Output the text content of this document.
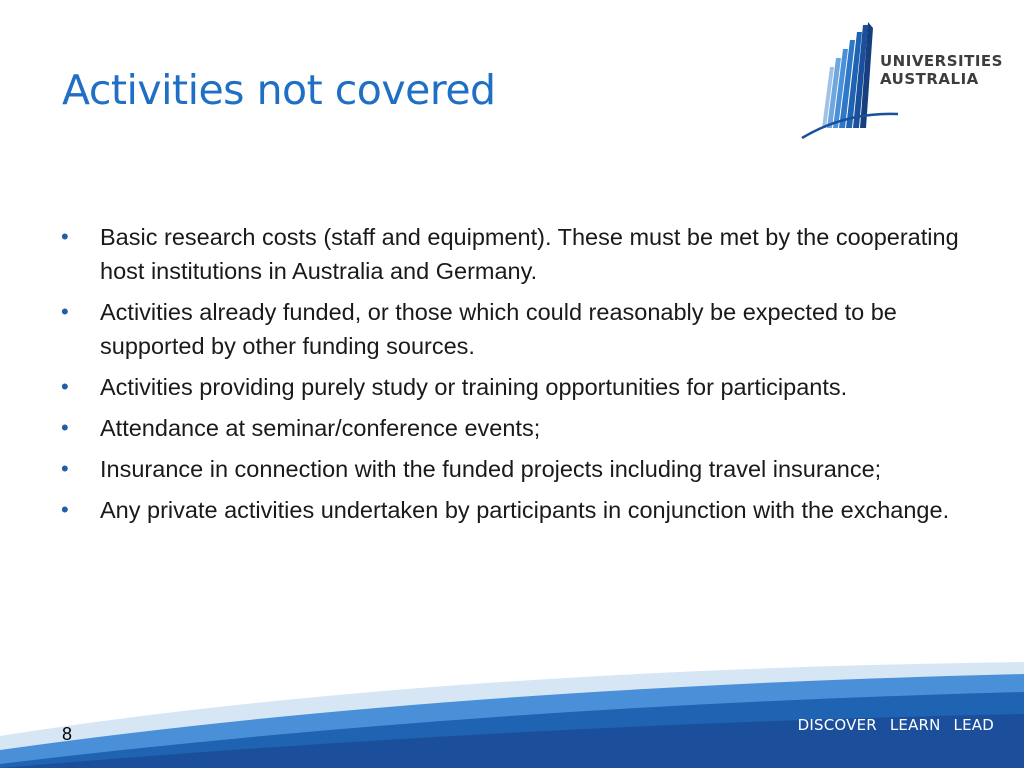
Activities not covered
UNIVERSITIES
AUSTRALIA
• Basic research costs (staff and equipment). These must be met by the cooperating host institutions in Australia and Germany.
• Activities already funded, or those which could reasonably be expected to be supported by other funding sources.
• Activities providing purely study or training opportunities for participants.
• Attendance at seminar/conference events;
• Insurance in connection with the funded projects including travel insurance;
• Any private activities undertaken by participants in conjunction with the exchange.
8	DISCOVER LEARN LEAD
